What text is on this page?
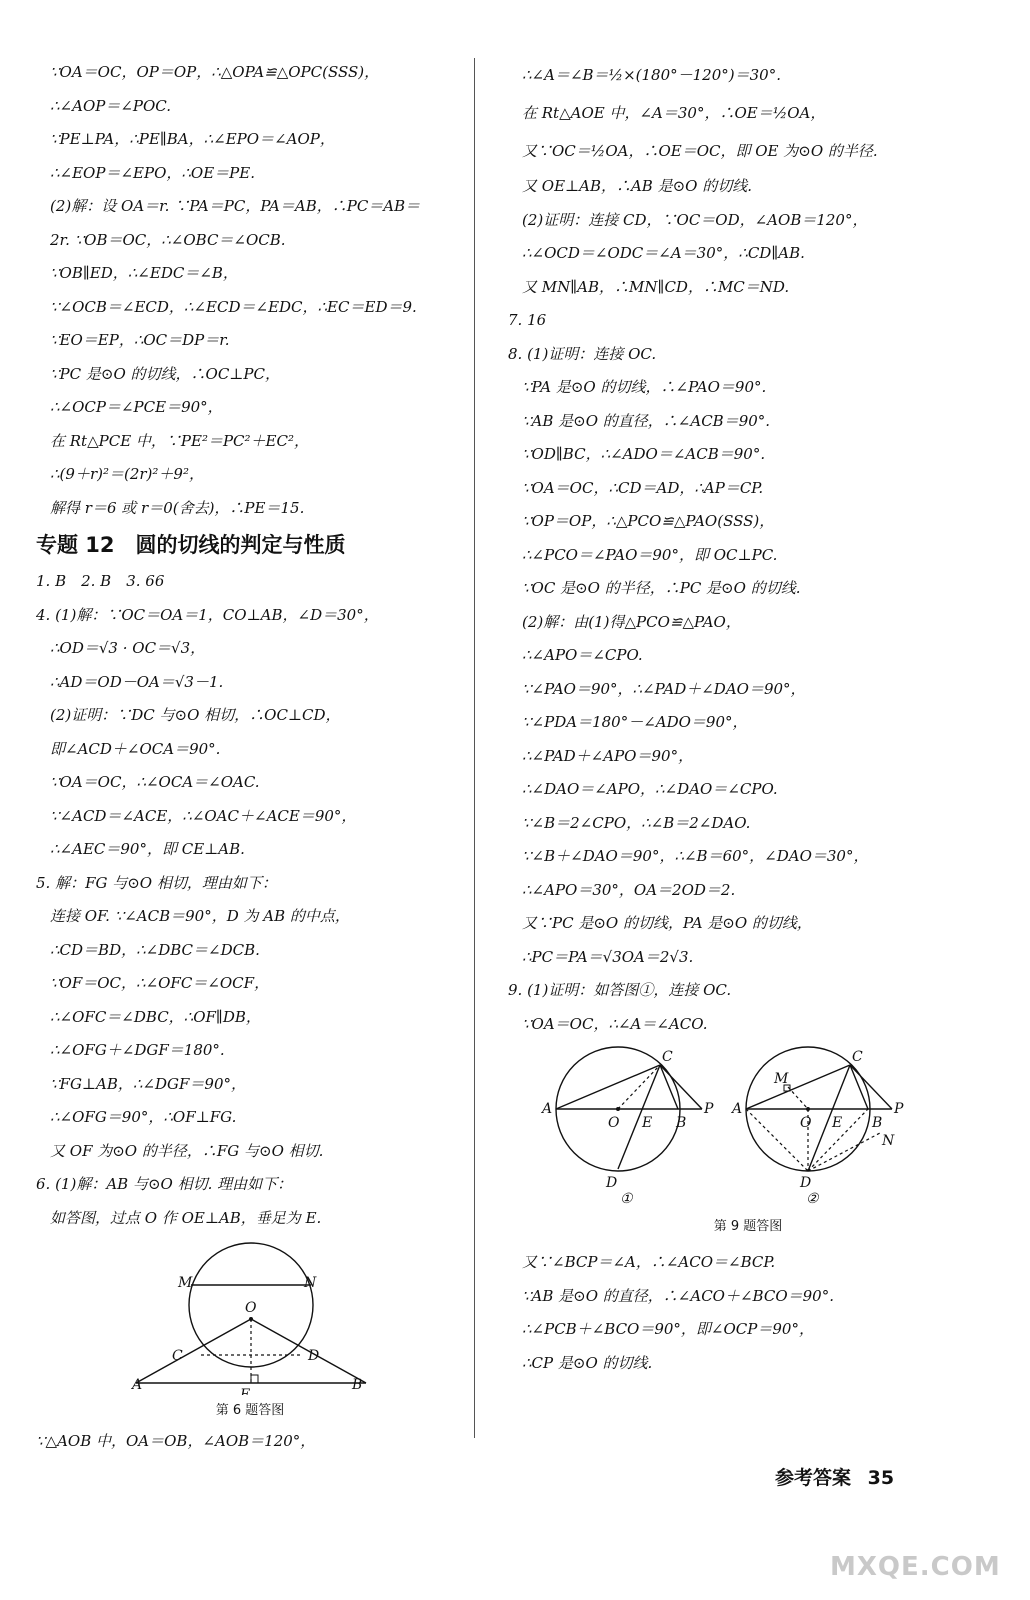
∵OA＝OC，OP＝OP，∴△OPA≌△OPC(SSS)，
∴∠AOP＝∠POC.
∵PE⊥PA，∴PE∥BA，∴∠EPO＝∠AOP，
∴∠EOP＝∠EPO，∴OE＝PE.
(2)解：设 OA＝r. ∵PA＝PC，PA＝AB，∴PC＝AB＝
2r. ∵OB＝OC，∴∠OBC＝∠OCB.
∵OB∥ED，∴∠EDC＝∠B，
∵∠OCB＝∠ECD，∴∠ECD＝∠EDC，∴EC＝ED＝9.
∵EO＝EP，∴OC＝DP＝r.
∵PC 是⊙O 的切线，∴OC⊥PC，
∴∠OCP＝∠PCE＝90°，
在 Rt△PCE 中，∵PE²＝PC²＋EC²，
∴(9＋r)²＝(2r)²＋9²，
解得 r＝6 或 r＝0(舍去)，∴PE＝15.
专题 12　圆的切线的判定与性质
1. B　2. B　3. 66
4. (1)解：∵OC＝OA＝1，CO⊥AB，∠D＝30°，
∴OD＝√3 · OC＝√3，
∴AD＝OD－OA＝√3－1.
(2)证明：∵DC 与⊙O 相切，∴OC⊥CD，
即∠ACD＋∠OCA＝90°.
∵OA＝OC，∴∠OCA＝∠OAC.
∵∠ACD＝∠ACE，∴∠OAC＋∠ACE＝90°，
∴∠AEC＝90°，即 CE⊥AB.
5. 解：FG 与⊙O 相切，理由如下：
连接 OF. ∵∠ACB＝90°，D 为 AB 的中点，
∴CD＝BD，∴∠DBC＝∠DCB.
∵OF＝OC，∴∠OFC＝∠OCF，
∴∠OFC＝∠DBC，∴OF∥DB，
∴∠OFG＋∠DGF＝180°.
∵FG⊥AB，∴∠DGF＝90°，
∴∠OFG＝90°，∴OF⊥FG.
又 OF 为⊙O 的半径，∴FG 与⊙O 相切.
6. (1)解：AB 与⊙O 相切. 理由如下：
如答图，过点 O 作 OE⊥AB，垂足为 E.
M	N
O
C	D
A
E
B
第 6 题答图
∵△AOB 中，OA＝OB，∠AOB＝120°，
∴∠A＝∠B＝½×(180°－120°)＝30°.
在 Rt△AOE 中，∠A＝30°，∴OE＝½OA，
又∵OC＝½OA，∴OE＝OC，即 OE 为⊙O 的半径.
又 OE⊥AB，∴AB 是⊙O 的切线.
(2)证明：连接 CD，∵OC＝OD，∠AOB＝120°，
∴∠OCD＝∠ODC＝∠A＝30°，∴CD∥AB.
又 MN∥AB，∴MN∥CD，∴MC＝ND.
7. 16
8. (1)证明：连接 OC.
∵PA 是⊙O 的切线，∴∠PAO＝90°.
∵AB 是⊙O 的直径，∴∠ACB＝90°.
∵OD∥BC，∴∠ADO＝∠ACB＝90°.
∵OA＝OC，∴CD＝AD，∴AP＝CP.
∵OP＝OP，∴△PCO≌△PAO(SSS)，
∴∠PCO＝∠PAO＝90°，即 OC⊥PC.
∵OC 是⊙O 的半径，∴PC 是⊙O 的切线.
(2)解：由(1)得△PCO≌△PAO，
∴∠APO＝∠CPO.
∵∠PAO＝90°，∴∠PAD＋∠DAO＝90°，
∵∠PDA＝180°－∠ADO＝90°，
∴∠PAD＋∠APO＝90°，
∴∠DAO＝∠APO，∴∠DAO＝∠CPO.
∵∠B＝2∠CPO，∴∠B＝2∠DAO.
∵∠B＋∠DAO＝90°，∴∠B＝60°，∠DAO＝30°，
∴∠APO＝30°，OA＝2OD＝2.
又∵PC 是⊙O 的切线，PA 是⊙O 的切线，
∴PC＝PA＝√3OA＝2√3.
9. (1)证明：如答图①，连接 OC.
∵OA＝OC，∴∠A＝∠ACO.
C
A
O E B
P
D
①
C
M
A
O E B
P
N
D
②
第 9 题答图
又∵∠BCP＝∠A，∴∠ACO＝∠BCP.
∵AB 是⊙O 的直径，∴∠ACO＋∠BCO＝90°.
∴∠PCB＋∠BCO＝90°，即∠OCP＝90°，
∴CP 是⊙O 的切线.
参考答案 35
MXQE.COM
